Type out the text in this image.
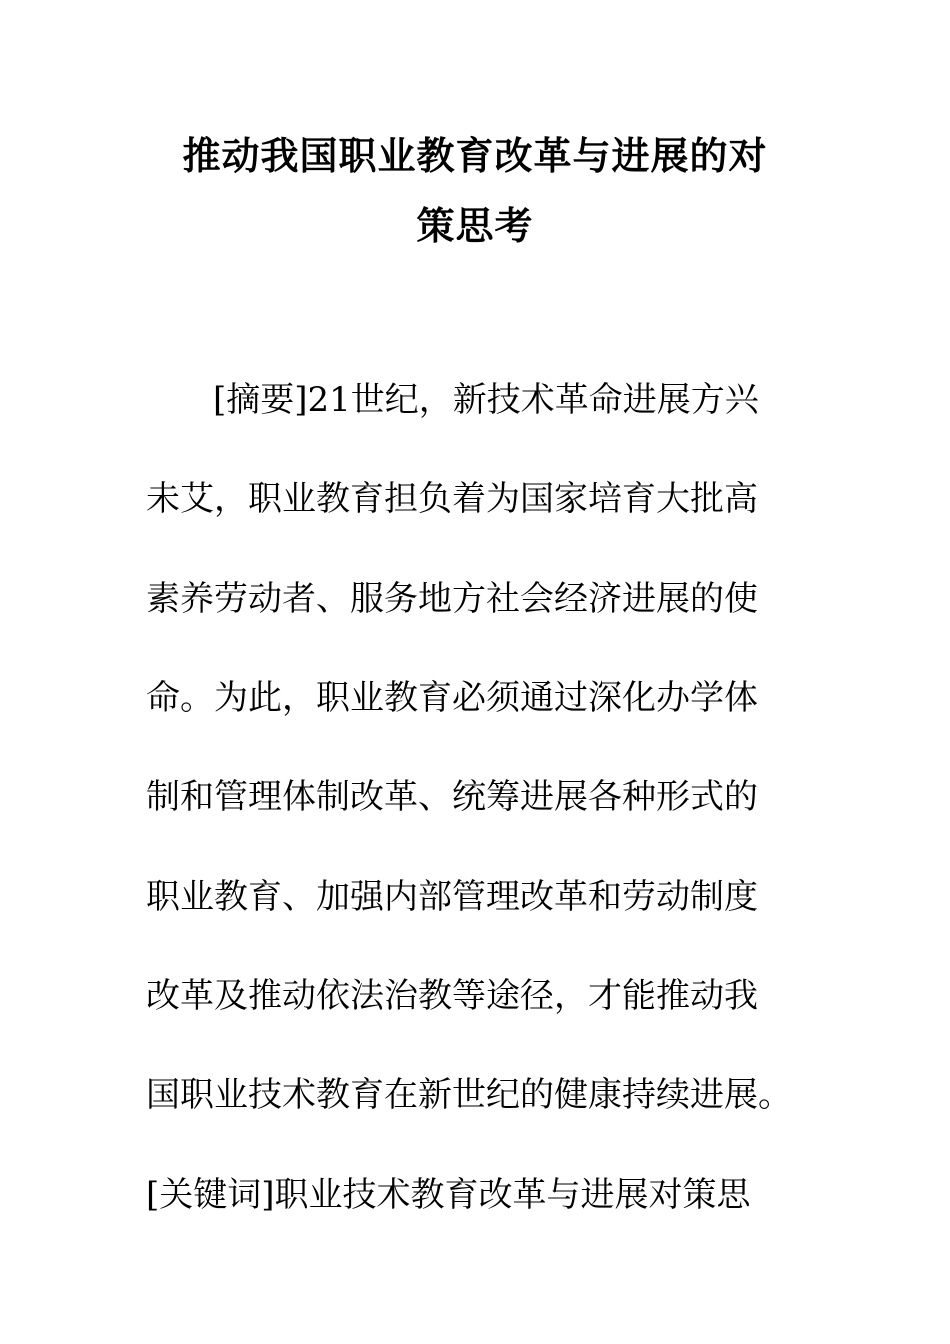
推动我国职业教育改革与进展的对
策思考
[摘要]21世纪，新技术革命进展方兴
未艾，职业教育担负着为国家培育大批高
素养劳动者、服务地方社会经济进展的使
命。为此，职业教育必须通过深化办学体
制和管理体制改革、统筹进展各种形式的
职业教育、加强内部管理改革和劳动制度
改革及推动依法治教等途径，才能推动我
国职业技术教育在新世纪的健康持续进展。
[关键词]职业技术教育改革与进展对策思
